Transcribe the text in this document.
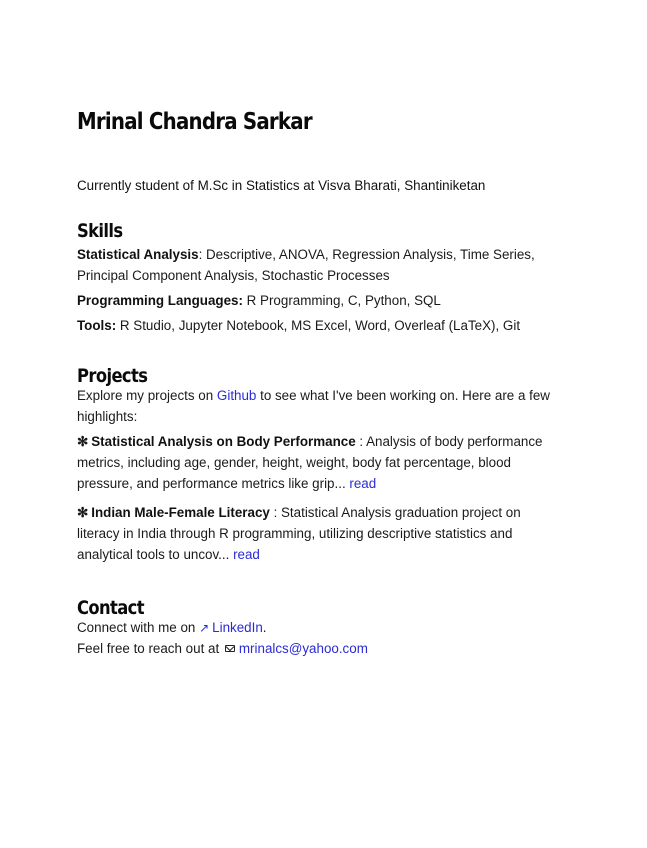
Mrinal Chandra Sarkar

Currently student of M.Sc in Statistics at Visva Bharati, Shantiniketan

Skills

Statistical Analysis: Descriptive, ANOVA, Regression Analysis, Time Series, Principal Component Analysis, Stochastic Processes

Programming Languages: R Programming, C, Python, SQL

Tools: R Studio, Jupyter Notebook, MS Excel, Word, Overleaf (LaTeX), Git

Projects

Explore my projects on Github to see what I've been working on. Here are a few highlights:

✻ Statistical Analysis on Body Performance : Analysis of body performance metrics, including age, gender, height, weight, body fat percentage, blood pressure, and performance metrics like grip... read

✻ Indian Male-Female Literacy : Statistical Analysis graduation project on literacy in India through R programming, utilizing descriptive statistics and analytical tools to uncov... read

Contact

Connect with me on ↗ LinkedIn.

Feel free to reach out at mrinalcs@yahoo.com
